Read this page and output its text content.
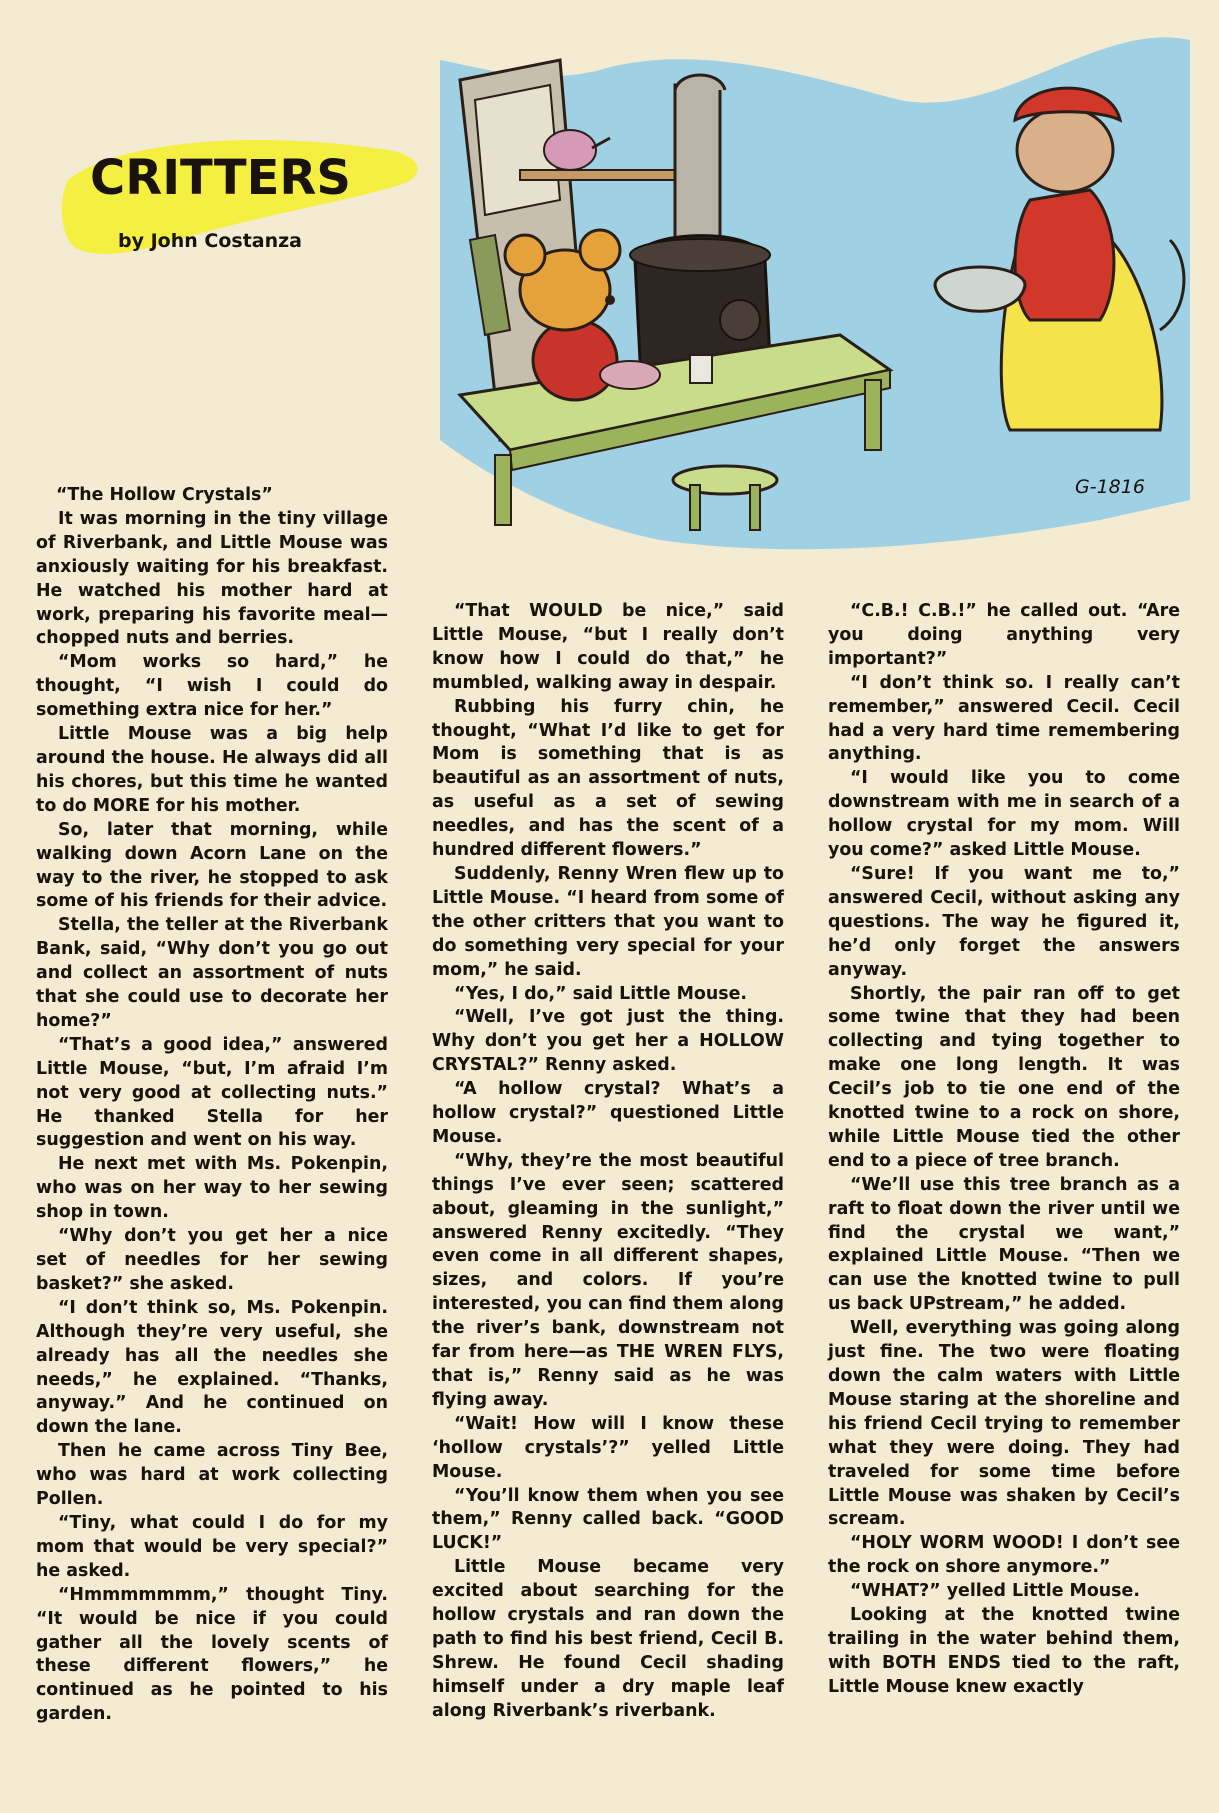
CRITTERS

by John Costanza

G-1816

“The Hollow Crystals”

It was morning in the tiny village of Riverbank, and Little Mouse was anxiously waiting for his breakfast. He watched his mother hard at work, preparing his favorite meal—chopped nuts and berries.

“Mom works so hard,” he thought, “I wish I could do something extra nice for her.”

Little Mouse was a big help around the house. He always did all his chores, but this time he wanted to do MORE for his mother.

So, later that morning, while walking down Acorn Lane on the way to the river, he stopped to ask some of his friends for their advice.

Stella, the teller at the Riverbank Bank, said, “Why don’t you go out and collect an assortment of nuts that she could use to decorate her home?”

“That’s a good idea,” answered Little Mouse, “but, I’m afraid I’m not very good at collecting nuts.” He thanked Stella for her suggestion and went on his way.

He next met with Ms. Pokenpin, who was on her way to her sewing shop in town.

“Why don’t you get her a nice set of needles for her sewing basket?” she asked.

“I don’t think so, Ms. Pokenpin. Although they’re very useful, she already has all the needles she needs,” he explained. “Thanks, anyway.” And he continued on down the lane.

Then he came across Tiny Bee, who was hard at work collecting Pollen.

“Tiny, what could I do for my mom that would be very special?” he asked.

“Hmmmmmmm,” thought Tiny. “It would be nice if you could gather all the lovely scents of these different flowers,” he continued as he pointed to his garden.

“That WOULD be nice,” said Little Mouse, “but I really don’t know how I could do that,” he mumbled, walking away in despair.

Rubbing his furry chin, he thought, “What I’d like to get for Mom is something that is as beautiful as an assortment of nuts, as useful as a set of sewing needles, and has the scent of a hundred different flowers.”

Suddenly, Renny Wren flew up to Little Mouse. “I heard from some of the other critters that you want to do something very special for your mom,” he said.

“Yes, I do,” said Little Mouse.

“Well, I’ve got just the thing. Why don’t you get her a HOLLOW CRYSTAL?” Renny asked.

“A hollow crystal? What’s a hollow crystal?” questioned Little Mouse.

“Why, they’re the most beautiful things I’ve ever seen; scattered about, gleaming in the sunlight,” answered Renny excitedly. “They even come in all different shapes, sizes, and colors. If you’re interested, you can find them along the river’s bank, downstream not far from here—as THE WREN FLYS, that is,” Renny said as he was flying away.

“Wait! How will I know these ‘hollow crystals’?” yelled Little Mouse.

“You’ll know them when you see them,” Renny called back. “GOOD LUCK!”

Little Mouse became very excited about searching for the hollow crystals and ran down the path to find his best friend, Cecil B. Shrew. He found Cecil shading himself under a dry maple leaf along Riverbank’s riverbank.

“C.B.! C.B.!” he called out. “Are you doing anything very important?”

“I don’t think so. I really can’t remember,” answered Cecil. Cecil had a very hard time remembering anything.

“I would like you to come downstream with me in search of a hollow crystal for my mom. Will you come?” asked Little Mouse.

“Sure! If you want me to,” answered Cecil, without asking any questions. The way he figured it, he’d only forget the answers anyway.

Shortly, the pair ran off to get some twine that they had been collecting and tying together to make one long length. It was Cecil’s job to tie one end of the knotted twine to a rock on shore, while Little Mouse tied the other end to a piece of tree branch.

“We’ll use this tree branch as a raft to float down the river until we find the crystal we want,” explained Little Mouse. “Then we can use the knotted twine to pull us back UPstream,” he added.

Well, everything was going along just fine. The two were floating down the calm waters with Little Mouse staring at the shoreline and his friend Cecil trying to remember what they were doing. They had traveled for some time before Little Mouse was shaken by Cecil’s scream.

“HOLY WORM WOOD! I don’t see the rock on shore anymore.”

“WHAT?” yelled Little Mouse.

Looking at the knotted twine trailing in the water behind them, with BOTH ENDS tied to the raft, Little Mouse knew exactly
